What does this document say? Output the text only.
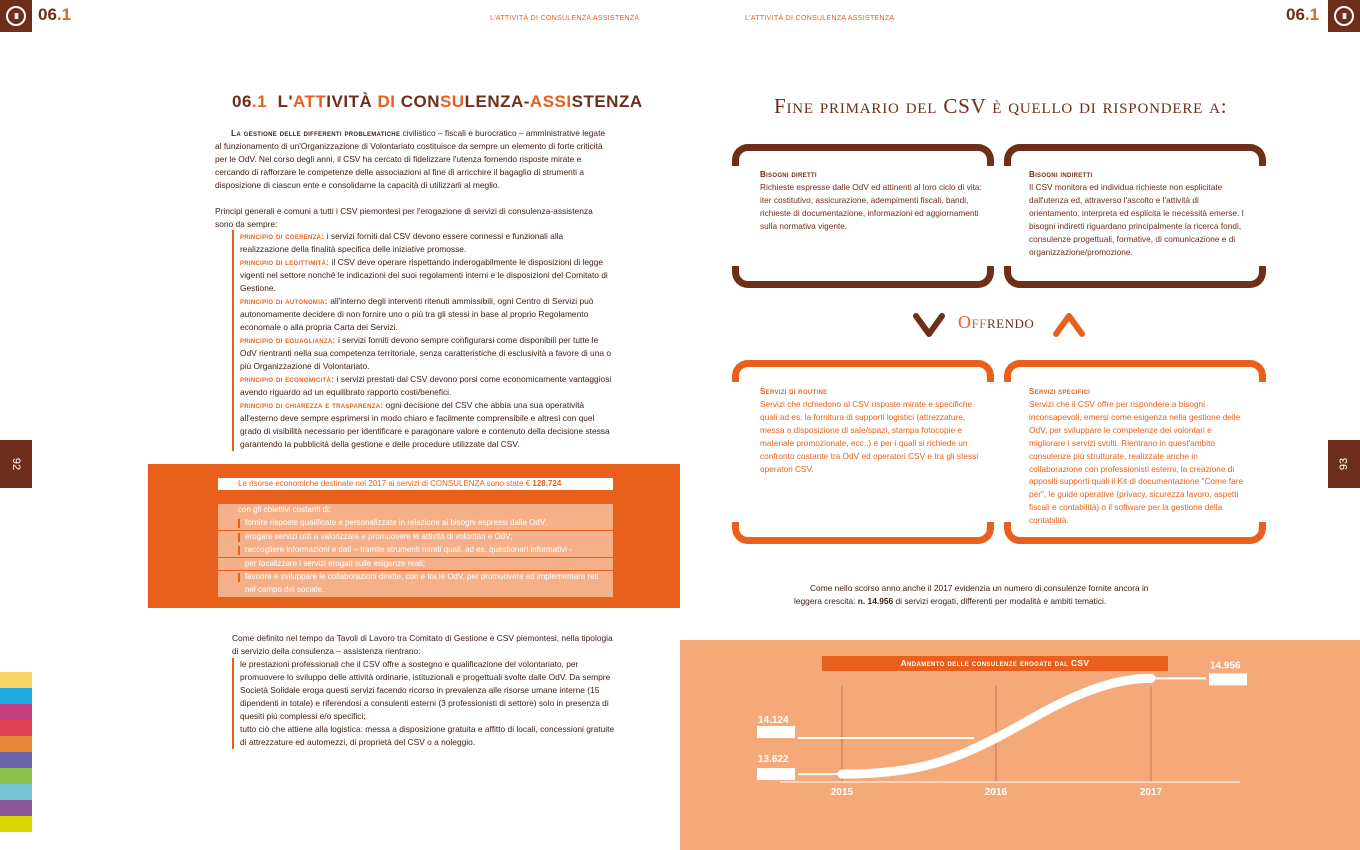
III	06.1	L'ATTIVITÀ DI CONSULENZA ASSISTENZA	L'ATTIVITÀ DI CONSULENZA ASSISTENZA	06.1	III
92	93
06.1 L'ATTIVITÀ DI CONSULENZA-ASSISTENZA
La gestione delle differenti problematiche civilistico – fiscali e burocratico – amministrative legate al funzionamento di un'Organizzazione di Volontariato costituisce da sempre un elemento di forte criticità per le OdV. Nel corso degli anni, il CSV ha cercato di fidelizzare l'utenza fornendo risposte mirate e cercando di rafforzare le competenze delle associazioni al fine di arricchire il bagaglio di strumenti a disposizione di ciascun ente e consolidarne la capacità di utilizzarli al meglio.
Principi generali e comuni a tutti i CSV piemontesi per l'erogazione di servizi di consulenza-assistenza sono da sempre:
principio di coerenza: i servizi forniti dal CSV devono essere connessi e funzionali alla realizzazione della finalità specifica delle iniziative promosse.
principio di legittimità: il CSV deve operare rispettando inderogabilmente le disposizioni di legge vigenti nel settore nonché le indicazioni dei suoi regolamenti interni e le disposizioni del Comitato di Gestione.
principio di autonomia: all'interno degli interventi ritenuti ammissibili, ogni Centro di Servizi può autonomamente decidere di non fornire uno o più tra gli stessi in base al proprio Regolamento economale o alla propria Carta dei Servizi.
principio di eguaglianza: i servizi forniti devono sempre configurarsi come disponibili per tutte le OdV rientranti nella sua competenza territoriale, senza caratteristiche di esclusività a favore di una o più Organizzazione di Volontariato.
principio di economicità: i servizi prestati dal CSV devono porsi come economicamente vantaggiosi avendo riguardo ad un equilibrato rapporto costi/benefici.
principio di chiarezza e trasparenza: ogni decisione del CSV che abbia una sua operatività all'esterno deve sempre esprimersi in modo chiaro e facilmente comprensibile e altresì con quel grado di visibilità necessario per identificare e paragonare valore e contenuto della decisione stessa garantendo la pubblicità della gestione e delle procedure utilizzate dal CSV.
Le risorse economiche destinate nel 2017 ai servizi di CONSULENZA sono state € 128.724
con gli obiettivi costanti di:
fornire risposte qualificate e personalizzate in relazione ai bisogni espressi dalle OdV;
erogare servizi utili a valorizzare e promuovere le attività di volontari e OdV;
raccogliere informazioni e dati – tramite strumenti mirati quali, ad es. questionari informativi -
per focalizzare i servizi erogati sulle esigenze reali;
favorire e sviluppare le collaborazioni dirette, con e tra le OdV, per promuovere ed implementare reti
nel campo del sociale.
Come definito nel tempo da Tavoli di Lavoro tra Comitato di Gestione e CSV piemontesi, nella tipologia di servizio della consulenza – assistenza rientrano:
le prestazioni professionali che il CSV offre a sostegno e qualificazione del volontariato, per promuovere lo sviluppo delle attività ordinarie, istituzionali e progettuali svolte dalle OdV. Da sempre Società Solidale eroga questi servizi facendo ricorso in prevalenza alle risorse umane interne (15 dipendenti in totale) e riferendosi a consulenti esterni (3 professionisti di settore) solo in presenza di quesiti più complessi e/o specifici;
tutto ciò che attiene alla logistica: messa a disposizione gratuita e affitto di locali, concessioni gratuite di attrezzature ed automezzi, di proprietà del CSV o a noleggio.
Fine primario del CSV è quello di rispondere a:
Bisogni diretti
Richieste espresse dalle OdV ed attinenti al loro ciclo di vita: iter costitutivo, assicurazione, adempimenti fiscali, bandi, richieste di documentazione, informazioni ed aggiornamenti sulla normativa vigente.
Bisogni indiretti
Il CSV monitora ed individua richieste non esplicitate dall'utenza ed, attraverso l'ascolto e l'attività di orientamento, interpreta ed esplicita le necessità emerse. I bisogni indiretti riguardano principalmente la ricerca fondi, consulenze progettuali, formative, di comunicazione e di organizzazione/promozione.
Offrendo
Servizi di routine
Servizi che richiedono al CSV risposte mirate e specifiche quali ad es. la fornitura di supporti logistici (attrezzature, messa a disposizione di sale/spazi, stampa fotocopie e materiale promozionale, ecc..) e per i quali si richiede un confronto costante tra OdV ed operatori CSV e tra gli stessi operatori CSV.
Servizi specifici
Servizi che il CSV offre per rispondere a bisogni inconsapevoli, emersi come esigenza nella gestione delle OdV, per sviluppare le competenze dei volontari e migliorare i servizi svolti. Rientrano in quest'ambito consulenze più strutturate, realizzate anche in collaborazione con professionisti esterni, la creazione di appositi supporti quali il Kit di documentazione "Come fare per", le guide operative (privacy, sicurezza lavoro, aspetti fiscali e contabilità) o il software per la gestione della contabilità.
Come nello scorso anno anche il 2017 evidenzia un numero di consulenze fornite ancora in leggera crescita: n. 14.956 di servizi erogati, differenti per modalità e ambiti tematici.
Andamento delle consulenze erogate dal CSV
13.622
14.124
14.956
2015	2016	2017
